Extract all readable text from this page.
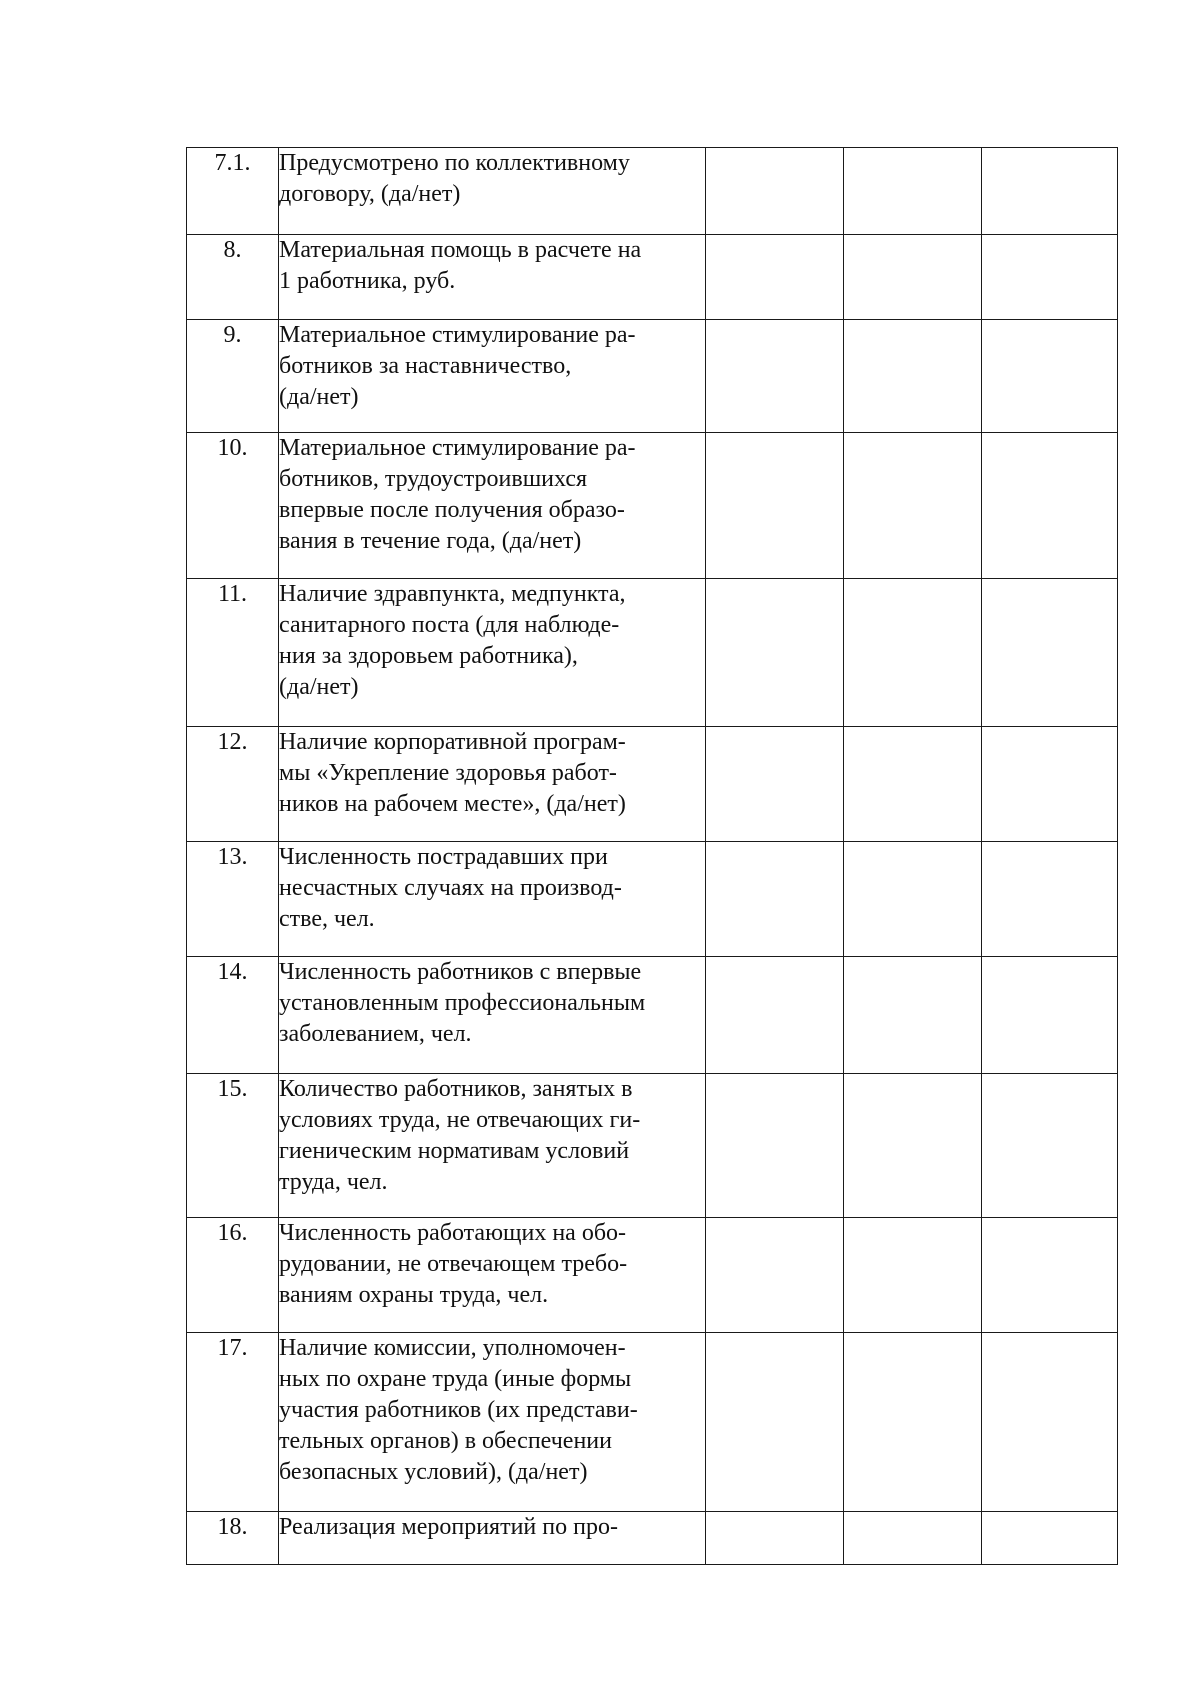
7.1.	Предусмотрено по коллективному
договору, (да/нет)			

8.	Материальная помощь в расчете на
1 работника, руб.			

9.	Материальное стимулирование ра-
ботников за наставничество,
(да/нет)			

10.	Материальное стимулирование ра-
ботников, трудоустроившихся
впервые после получения образо-
вания в течение года, (да/нет)			

11.	Наличие здравпункта, медпункта,
санитарного поста (для наблюде-
ния за здоровьем работника),
(да/нет)			

12.	Наличие корпоративной програм-
мы «Укрепление здоровья работ-
ников на рабочем месте», (да/нет)			

13.	Численность пострадавших при
несчастных случаях на производ-
стве, чел.			

14.	Численность работников с впервые
установленным профессиональным
заболеванием, чел.			

15.	Количество работников, занятых в
условиях труда, не отвечающих ги-
гиеническим нормативам условий
труда, чел.			

16.	Численность работающих на обо-
рудовании, не отвечающем требо-
ваниям охраны труда, чел.			

17.	Наличие комиссии, уполномочен-
ных по охране труда (иные формы
участия работников (их представи-
тельных органов) в обеспечении
безопасных условий), (да/нет)			

18.	Реализация мероприятий по про-			
